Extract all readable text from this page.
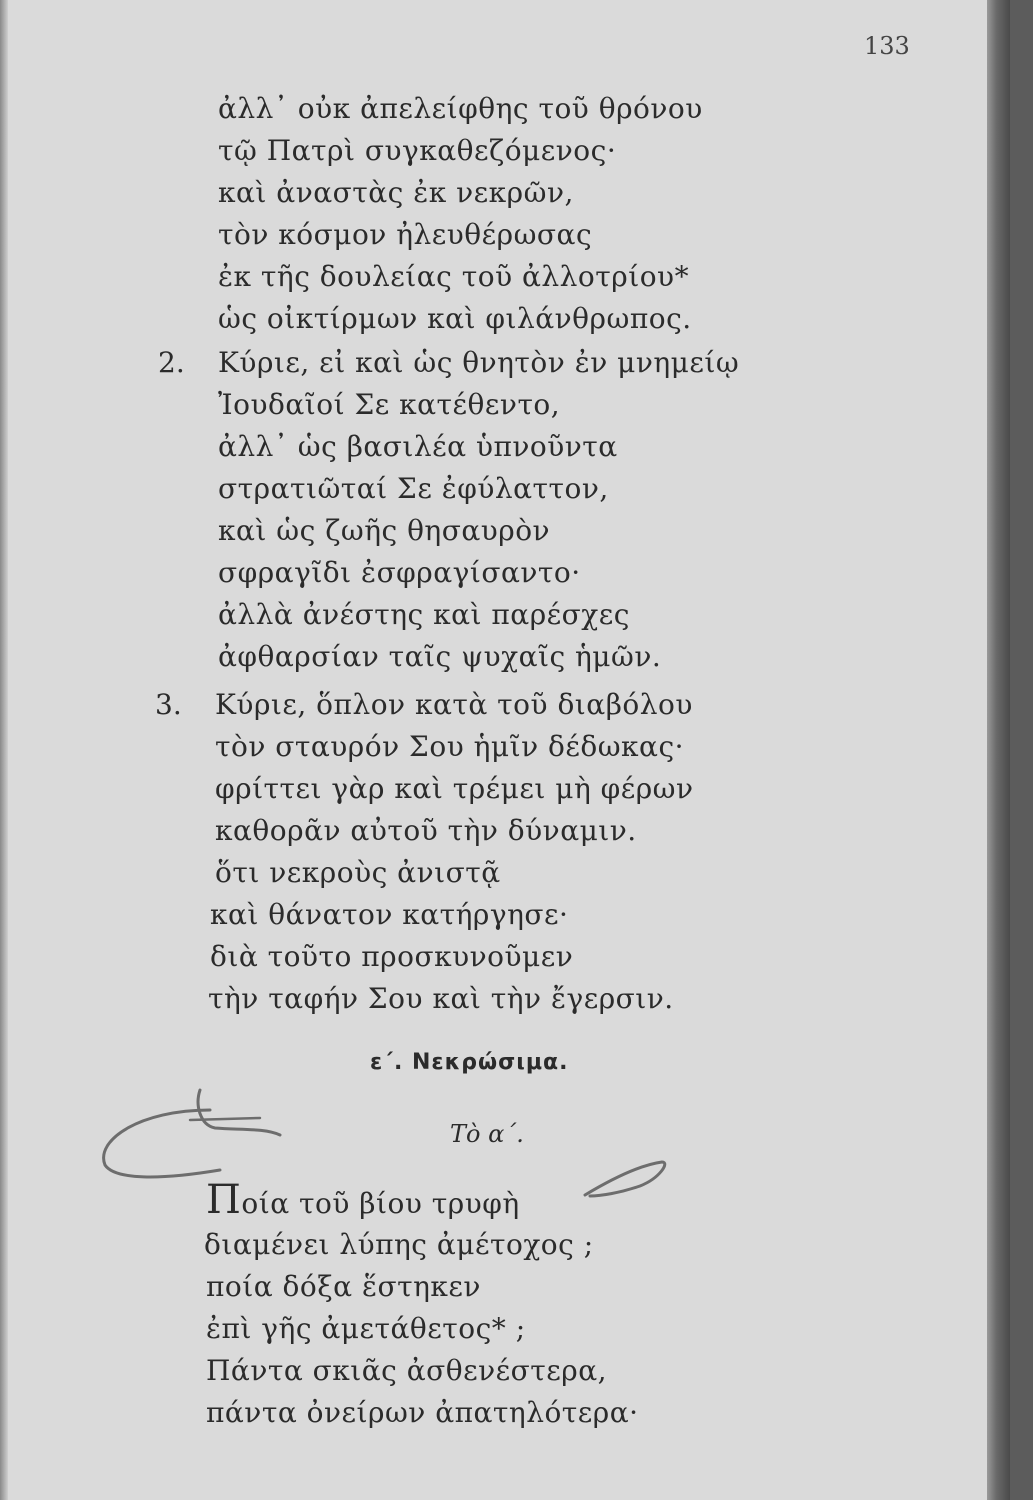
133
ἀλλ᾽ οὐκ ἀπελείφθης τοῦ θρόνου
τῷ Πατρὶ συγκαθεζόμενος·
καὶ ἀναστὰς ἐκ νεκρῶν,
τὸν κόσμον ἠλευθέρωσας
ἐκ τῆς δουλείας τοῦ ἀλλοτρίου*
ὡς οἰκτίρμων καὶ φιλάνθρωπος.
2. Κύριε, εἰ καὶ ὡς θνητὸν ἐν μνημείῳ
Ἰουδαῖοί Σε κατέθεντο,
ἀλλ᾽ ὡς βασιλέα ὑπνοῦντα
στρατιῶταί Σε ἐφύλαττον,
καὶ ὡς ζωῆς θησαυρὸν
σφραγῖδι ἐσφραγίσαντο·
ἀλλὰ ἀνέστης καὶ παρέσχες
ἀφθαρσίαν ταῖς ψυχαῖς ἡμῶν.
3. Κύριε, ὅπλον κατὰ τοῦ διαβόλου
τὸν σταυρόν Σου ἡμῖν δέδωκας·
φρίττει γὰρ καὶ τρέμει μὴ φέρων
καθορᾶν αὐτοῦ τὴν δύναμιν.
ὅτι νεκροὺς ἀνιστᾷ
καὶ θάνατον κατήργησε·
διὰ τοῦτο προσκυνοῦμεν
τὴν ταφήν Σου καὶ τὴν ἔγερσιν.
ε΄. Νεκρώσιμα.
Τὸ α΄.
Ποία τοῦ βίου τρυφὴ
διαμένει λύπης ἀμέτοχος ;
ποία δόξα ἕστηκεν
ἐπὶ γῆς ἀμετάθετος* ;
Πάντα σκιᾶς ἀσθενέστερα,
πάντα ὀνείρων ἀπατηλότερα·
